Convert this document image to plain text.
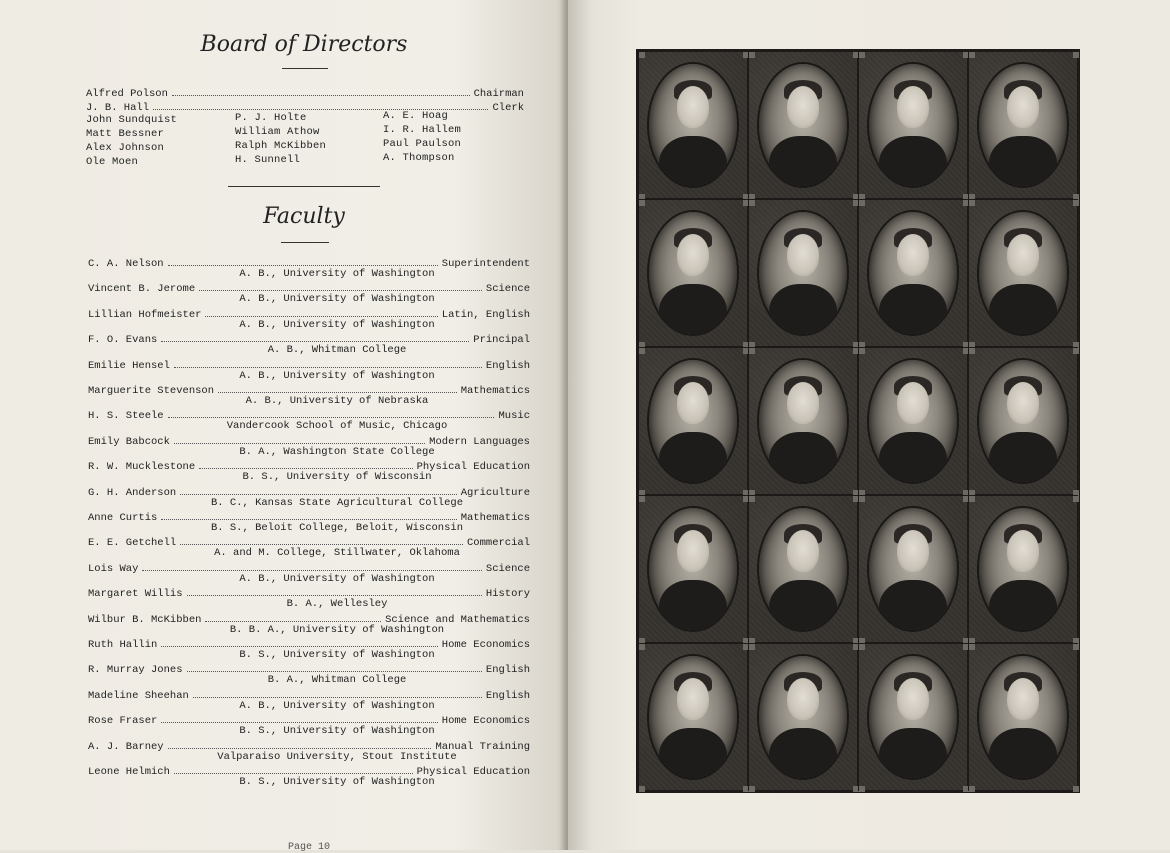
Board of Directors
Alfred Polson	Chairman
J. B. Hall	Clerk
John Sundquist
Matt Bessner
Alex Johnson
Ole Moen
P. J. Holte
William Athow
Ralph McKibben
H. Sunnell
A. E. Hoag
I. R. Hallem
Paul Paulson
A. Thompson
Faculty
C. A. Nelson	Superintendent
A. B., University of Washington
Vincent B. Jerome	Science
A. B., University of Washington
Lillian Hofmeister	Latin, English
A. B., University of Washington
F. O. Evans	Principal
A. B., Whitman College
Emilie Hensel	English
A. B., University of Washington
Marguerite Stevenson	Mathematics
A. B., University of Nebraska
H. S. Steele	Music
Vandercook School of Music, Chicago
Emily Babcock	Modern Languages
B. A., Washington State College
R. W. Mucklestone	Physical Education
B. S., University of Wisconsin
G. H. Anderson	Agriculture
B. C., Kansas State Agricultural College
Anne Curtis	Mathematics
B. S., Beloit College, Beloit, Wisconsin
E. E. Getchell	Commercial
A. and M. College, Stillwater, Oklahoma
Lois Way	Science
A. B., University of Washington
Margaret Willis	History
B. A., Wellesley
Wilbur B. McKibben	Science and Mathematics
B. B. A., University of Washington
Ruth Hallin	Home Economics
B. S., University of Washington
R. Murray Jones	English
B. A., Whitman College
Madeline Sheehan	English
A. B., University of Washington
Rose Fraser	Home Economics
B. S., University of Washington
A. J. Barney	Manual Training
Valparaiso University, Stout Institute
Leone Helmich	Physical Education
B. S., University of Washington
Page 10
